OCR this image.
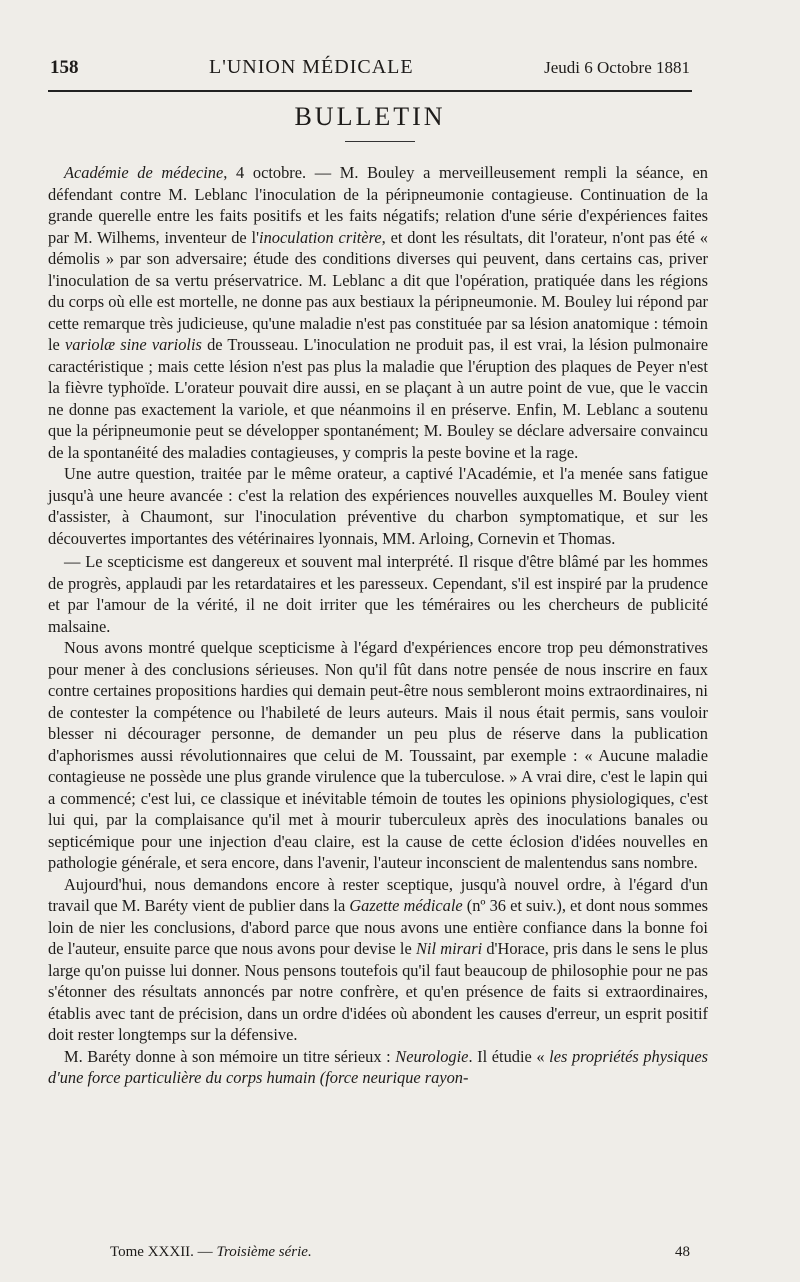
158	L'UNION MÉDICALE	Jeudi 6 Octobre 1881
BULLETIN

Académie de médecine, 4 octobre. — M. Bouley a merveilleusement rempli la séance, en défendant contre M. Leblanc l'inoculation de la péripneumonie contagieuse. Continuation de la grande querelle entre les faits positifs et les faits négatifs; relation d'une série d'expériences faites par M. Wilhems, inventeur de l'inoculation critère, et dont les résultats, dit l'orateur, n'ont pas été « démolis » par son adversaire; étude des conditions diverses qui peuvent, dans certains cas, priver l'inoculation de sa vertu préservatrice. M. Leblanc a dit que l'opération, pratiquée dans les régions du corps où elle est mortelle, ne donne pas aux bestiaux la péripneumonie. M. Bouley lui répond par cette remarque très judicieuse, qu'une maladie n'est pas constituée par sa lésion anatomique : témoin le variolæ sine variolis de Trousseau. L'inoculation ne produit pas, il est vrai, la lésion pulmonaire caractéristique ; mais cette lésion n'est pas plus la maladie que l'éruption des plaques de Peyer n'est la fièvre typhoïde. L'orateur pouvait dire aussi, en se plaçant à un autre point de vue, que le vaccin ne donne pas exactement la variole, et que néanmoins il en préserve. Enfin, M. Leblanc a soutenu que la péripneumonie peut se développer spontanément; M. Bouley se déclare adversaire convaincu de la spontanéité des maladies contagieuses, y compris la peste bovine et la rage.

Une autre question, traitée par le même orateur, a captivé l'Académie, et l'a menée sans fatigue jusqu'à une heure avancée : c'est la relation des expériences nouvelles auxquelles M. Bouley vient d'assister, à Chaumont, sur l'inoculation préventive du charbon symptomatique, et sur les découvertes importantes des vétérinaires lyonnais, MM. Arloing, Cornevin et Thomas.

— Le scepticisme est dangereux et souvent mal interprété. Il risque d'être blâmé par les hommes de progrès, applaudi par les retardataires et les paresseux. Cependant, s'il est inspiré par la prudence et par l'amour de la vérité, il ne doit irriter que les téméraires ou les chercheurs de publicité malsaine.

Nous avons montré quelque scepticisme à l'égard d'expériences encore trop peu démonstratives pour mener à des conclusions sérieuses. Non qu'il fût dans notre pensée de nous inscrire en faux contre certaines propositions hardies qui demain peut-être nous sembleront moins extraordinaires, ni de contester la compétence ou l'habileté de leurs auteurs. Mais il nous était permis, sans vouloir blesser ni décourager personne, de demander un peu plus de réserve dans la publication d'aphorismes aussi révolutionnaires que celui de M. Toussaint, par exemple : « Aucune maladie contagieuse ne possède une plus grande virulence que la tuberculose. » A vrai dire, c'est le lapin qui a commencé; c'est lui, ce classique et inévitable témoin de toutes les opinions physiologiques, c'est lui qui, par la complaisance qu'il met à mourir tuberculeux après des inoculations banales ou septicémique pour une injection d'eau claire, est la cause de cette éclosion d'idées nouvelles en pathologie générale, et sera encore, dans l'avenir, l'auteur inconscient de malentendus sans nombre.

Aujourd'hui, nous demandons encore à rester sceptique, jusqu'à nouvel ordre, à l'égard d'un travail que M. Baréty vient de publier dans la Gazette médicale (nº 36 et suiv.), et dont nous sommes loin de nier les conclusions, d'abord parce que nous avons une entière confiance dans la bonne foi de l'auteur, ensuite parce que nous avons pour devise le Nil mirari d'Horace, pris dans le sens le plus large qu'on puisse lui donner. Nous pensons toutefois qu'il faut beaucoup de philosophie pour ne pas s'étonner des résultats annoncés par notre confrère, et qu'en présence de faits si extraordinaires, établis avec tant de précision, dans un ordre d'idées où abondent les causes d'erreur, un esprit positif doit rester longtemps sur la défensive.

M. Baréty donne à son mémoire un titre sérieux : Neurologie. Il étudie « les propriétés physiques d'une force particulière du corps humain (force neurique rayon-

Tome XXXII. — Troisième série.	48
